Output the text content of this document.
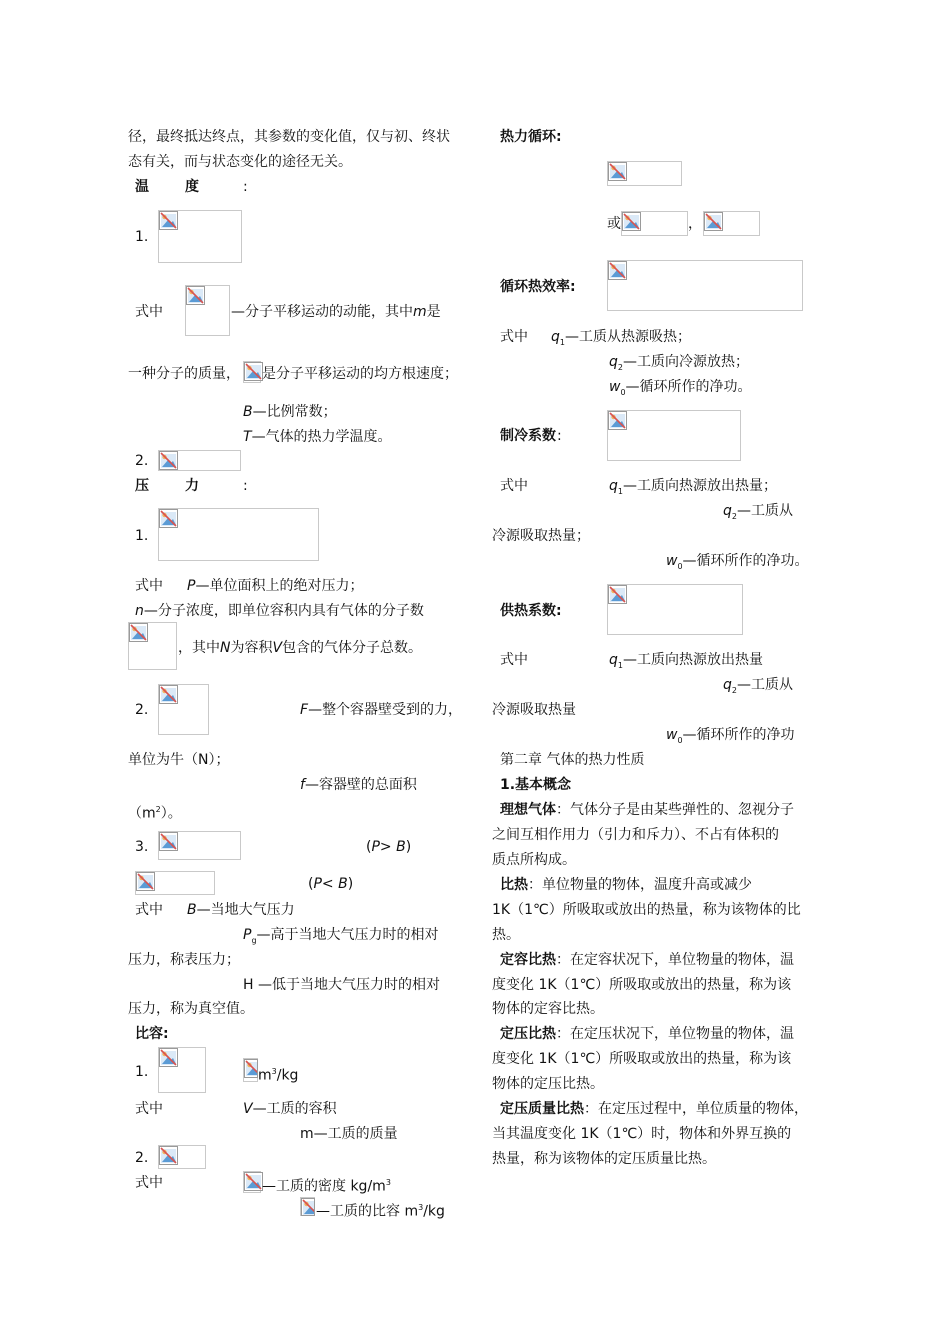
径，最终抵达终点，其参数的变化值，仅与初、终状
态有关，而与状态变化的途径无关。
温	度	:
1.
式中	—分子平移运动的动能，其中m是
一种分子的质量， 是分子平移运动的均方根速度；
B—比例常数；
T—气体的热力学温度。
2.
压	力	:
1.
式中 P—单位面积上的绝对压力；
n—分子浓度，即单位容积内具有气体的分子数
，其中N为容积V包含的气体分子总数。
2.	F—整个容器壁受到的力，
单位为牛（N）；
f—容器壁的总面积
$(m^2)$。
3.	(P> B)
(P< B)
式中 B—当地大气压力
$P_g—$高于当地大气压力时的相对
压力，称表压力；
H —低于当地大气压力时的相对
压力，称为真空值。
比容:
1.	$m^3/kg$
式中	V—工质的容积
m—工质的质量
2.
式中	—工质的密度 $kg/m^3$
—工质的比容 $m^3/kg$
热力循环:
或	，
循环热效率:
式中 $q_1—$工质从热源吸热；
$q_2—$工质向冷源放热；
$w_0—$循环所作的净功。
制冷系数 :
式中	$q_1—$工质向热源放出热量；
$q_2—$工质从
冷源吸取热量；
$w_0—$循环所作的净功。
供热系数:
式中	$q_1—$工质向热源放出热量
$q_2—$工质从
冷源吸取热量
$w_0—$循环所作的净功
第二章 气体的热力性质
1.基本概念
理想气体：气体分子是由某些弹性的、忽视分子
之间互相作用力（引力和斥力）、不占有体积的
质点所构成。
比热：单位物量的物体，温度升高或减少
1K（1℃）所吸取或放出的热量，称为该物体的比
热。
定容比热：在定容状况下，单位物量的物体，温
度变化 1K（1℃）所吸取或放出的热量，称为该
物体的定容比热。
定压比热：在定压状况下，单位物量的物体，温
度变化 1K（1℃）所吸取或放出的热量，称为该
物体的定压比热。
定压质量比热：在定压过程中，单位质量的物体，
当其温度变化 1K（1℃）时，物体和外界互换的
热量，称为该物体的定压质量比热。
